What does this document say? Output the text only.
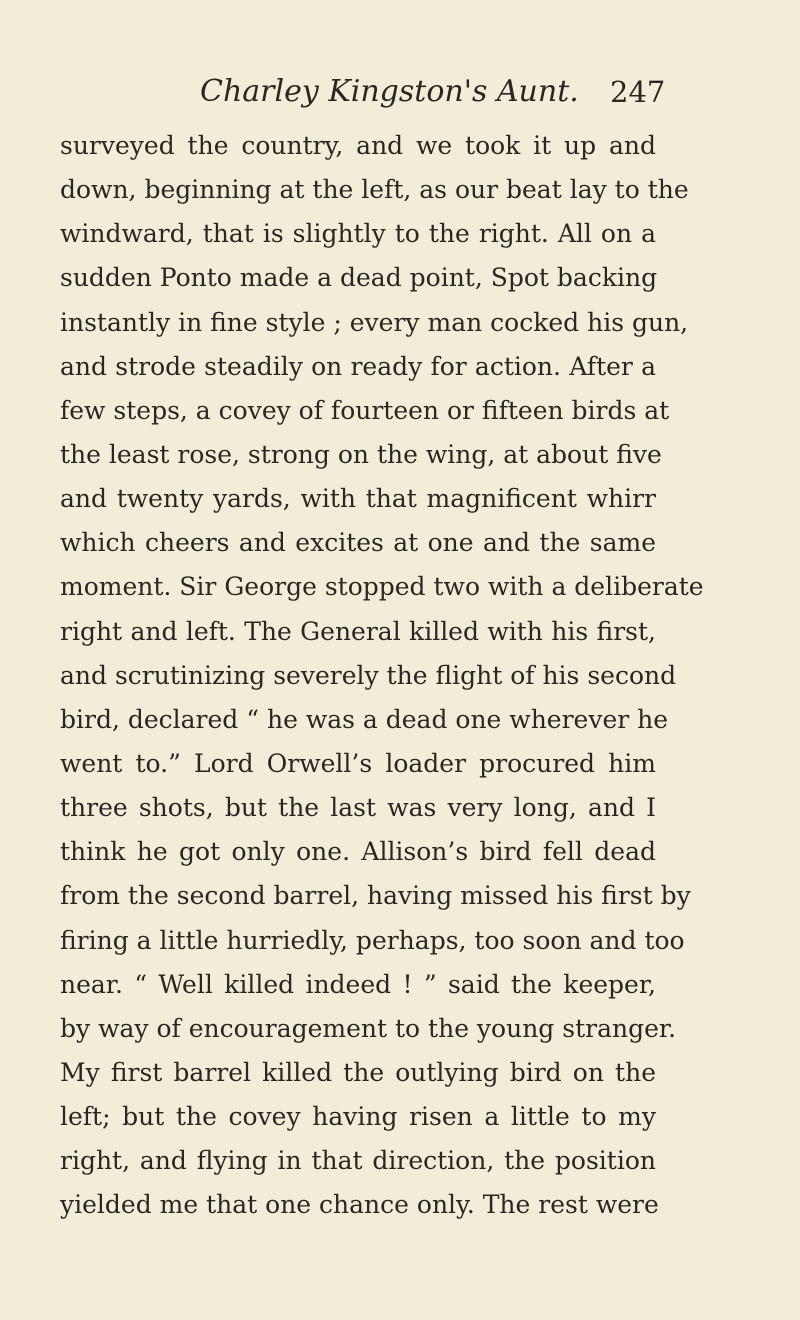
Charley Kingston's Aunt. 247
surveyed the country, and we took it up and
down, beginning at the left, as our beat lay to the
windward, that is slightly to the right. All on a
sudden Ponto made a dead point, Spot backing
instantly in fine style ; every man cocked his gun,
and strode steadily on ready for action. After a
few steps, a covey of fourteen or fifteen birds at
the least rose, strong on the wing, at about five
and twenty yards, with that magnificent whirr
which cheers and excites at one and the same
moment. Sir George stopped two with a deliberate
right and left. The General killed with his first,
and scrutinizing severely the flight of his second
bird, declared “ he was a dead one wherever he
went to.” Lord Orwell’s loader procured him
three shots, but the last was very long, and I
think he got only one. Allison’s bird fell dead
from the second barrel, having missed his first by
firing a little hurriedly, perhaps, too soon and too
near. “ Well killed indeed ! ” said the keeper,
by way of encouragement to the young stranger.
My first barrel killed the outlying bird on the
left; but the covey having risen a little to my
right, and flying in that direction, the position
yielded me that one chance only. The rest were
